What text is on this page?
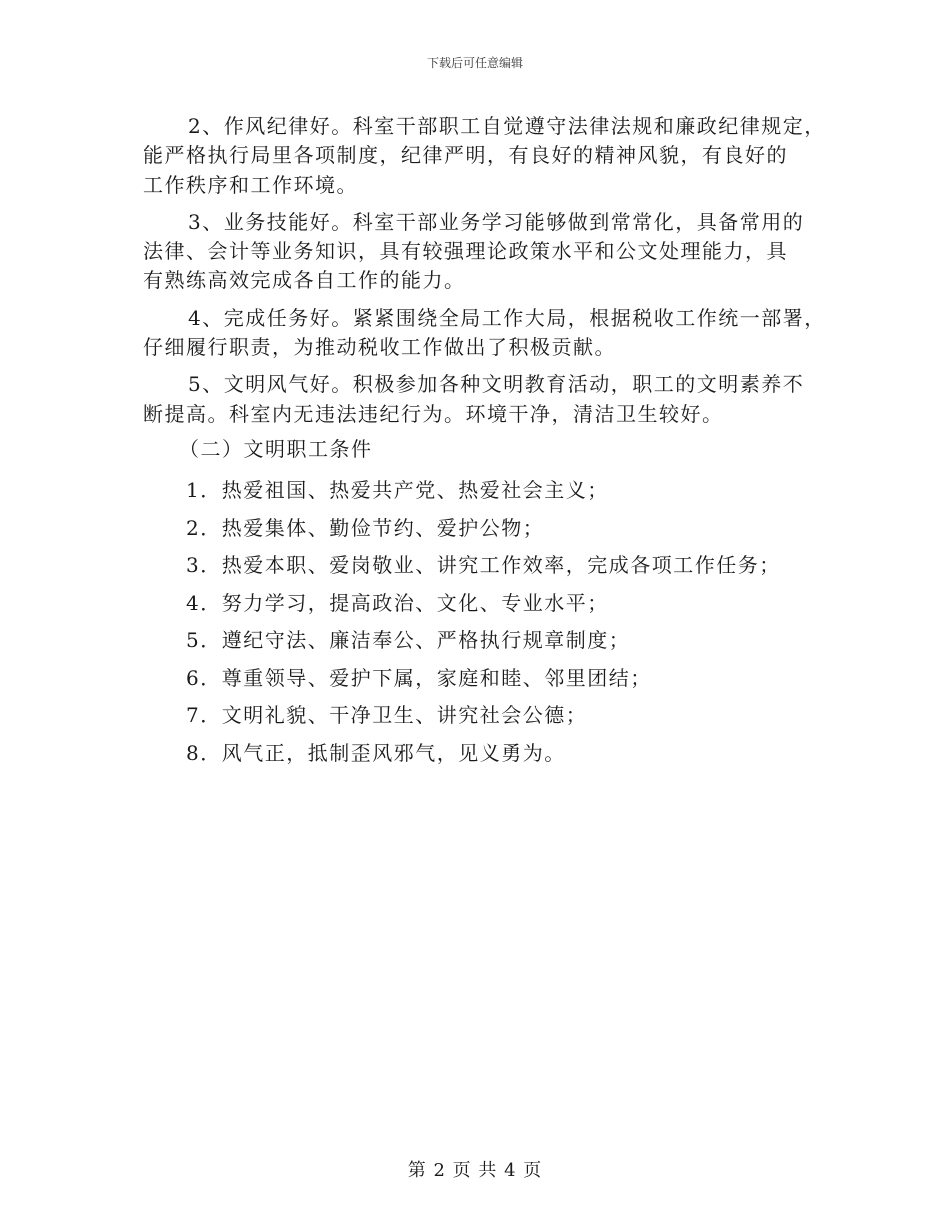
下载后可任意编辑
2、作风纪律好。科室干部职工自觉遵守法律法规和廉政纪律规定，
能严格执行局里各项制度，纪律严明，有良好的精神风貌，有良好的
工作秩序和工作环境。
3、业务技能好。科室干部业务学习能够做到常常化，具备常用的
法律、会计等业务知识，具有较强理论政策水平和公文处理能力，具
有熟练高效完成各自工作的能力。
4、完成任务好。紧紧围绕全局工作大局，根据税收工作统一部署，
仔细履行职责，为推动税收工作做出了积极贡献。
5、文明风气好。积极参加各种文明教育活动，职工的文明素养不
断提高。科室内无违法违纪行为。环境干净，清洁卫生较好。
（二）文明职工条件
1．热爱祖国、热爱共产党、热爱社会主义；
2．热爱集体、勤俭节约、爱护公物；
3．热爱本职、爱岗敬业、讲究工作效率，完成各项工作任务；
4．努力学习，提高政治、文化、专业水平；
5．遵纪守法、廉洁奉公、严格执行规章制度；
6．尊重领导、爱护下属，家庭和睦、邻里团结；
7．文明礼貌、干净卫生、讲究社会公德；
8．风气正，抵制歪风邪气，见义勇为。
第 2 页 共 4 页
